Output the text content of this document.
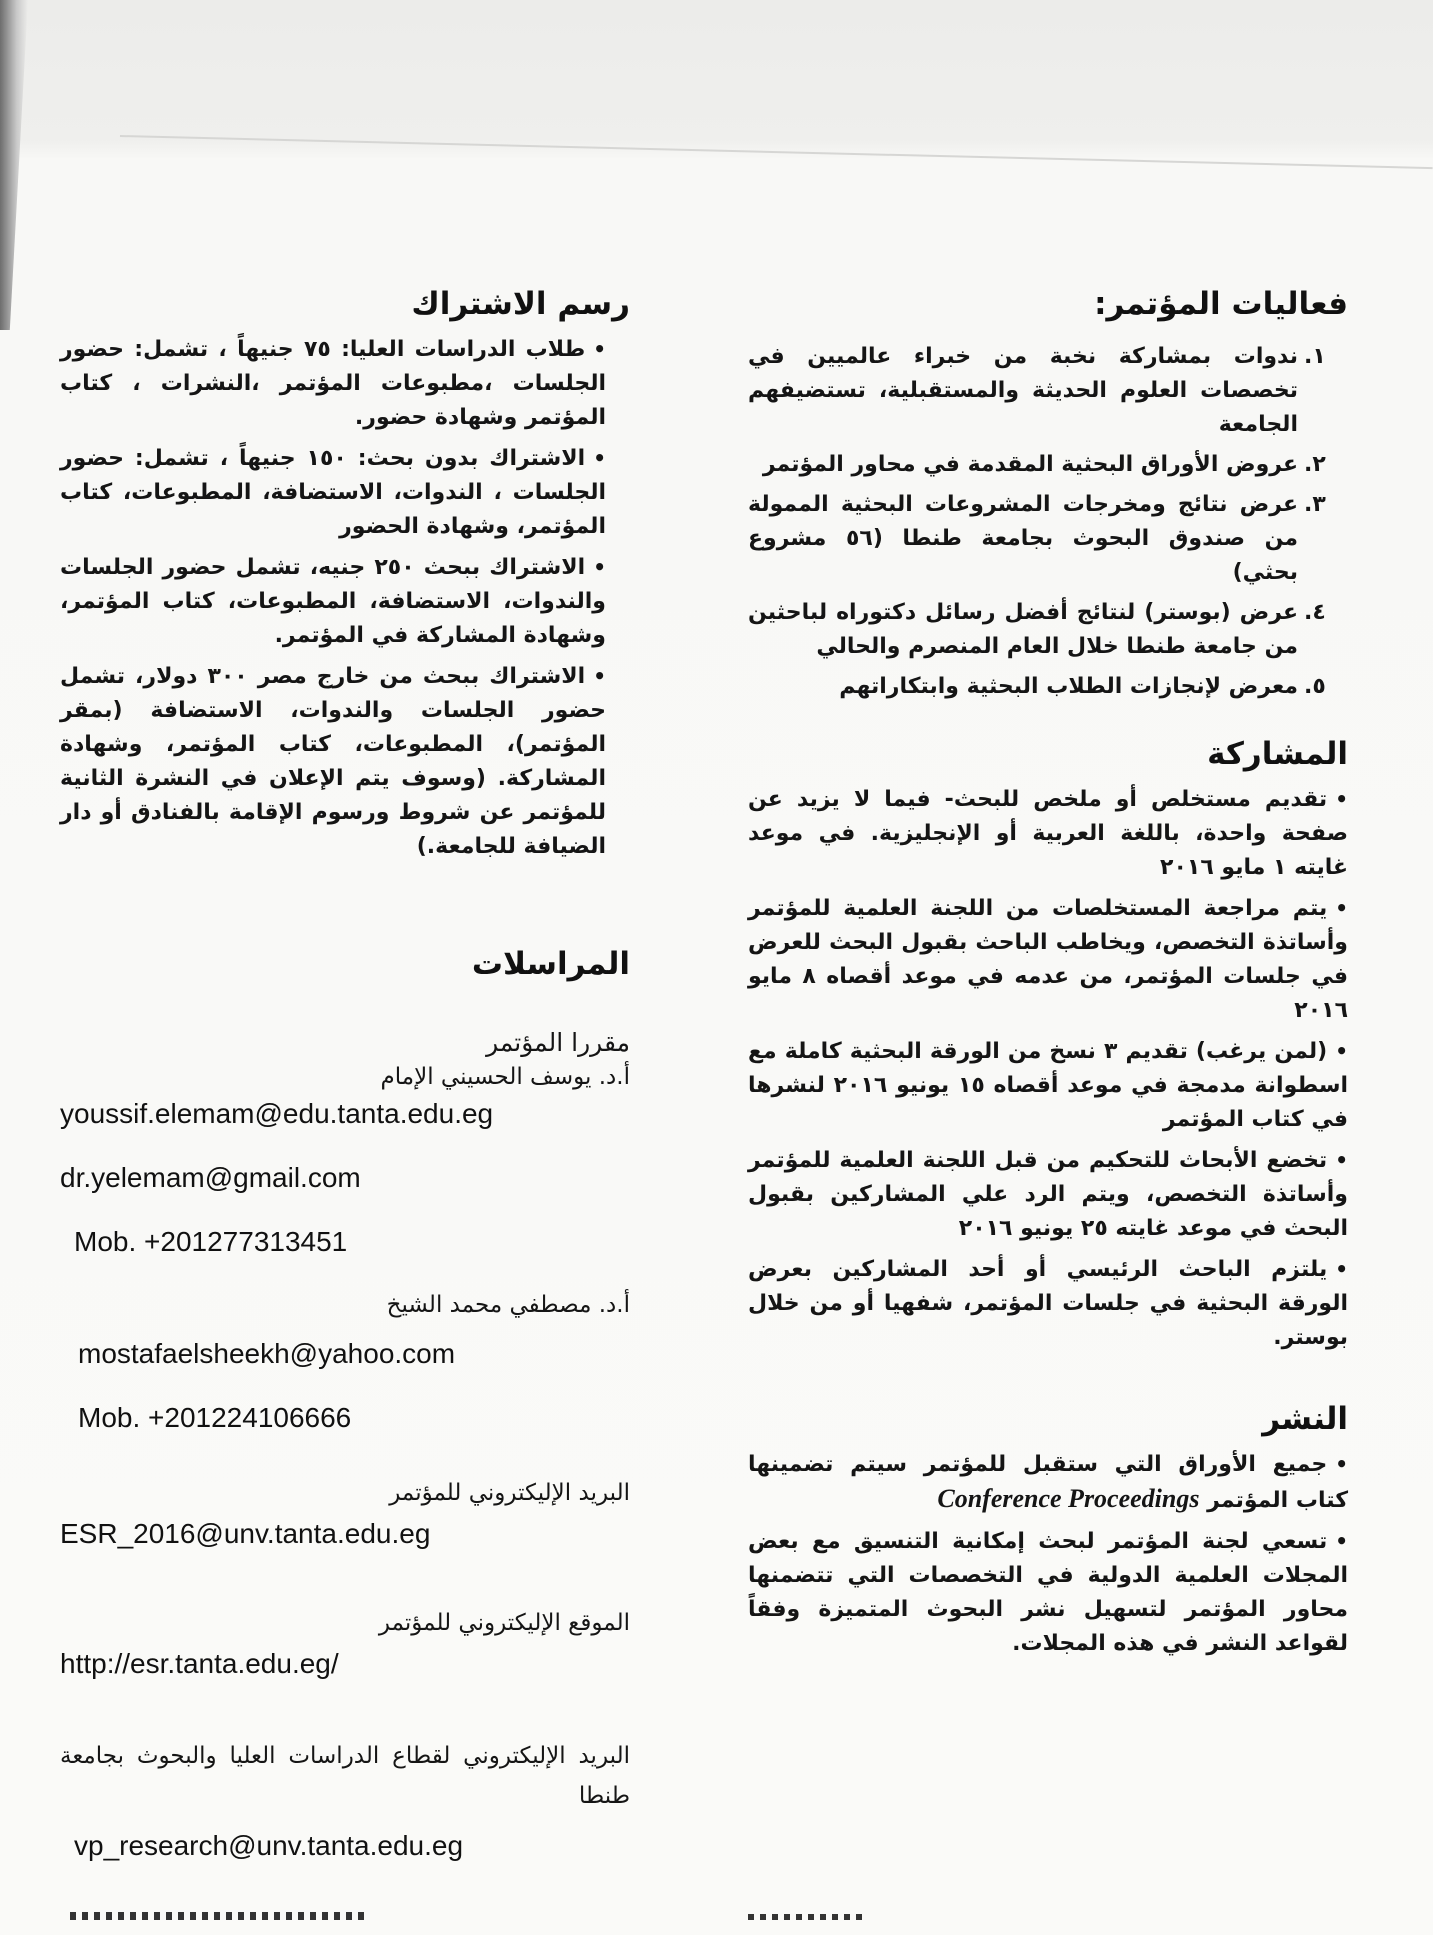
فعاليات المؤتمر:
١.
ندوات بمشاركة نخبة من خبراء عالميين في تخصصات العلوم الحديثة والمستقبلية، تستضيفهم الجامعة
٢.
عروض الأوراق البحثية المقدمة في محاور المؤتمر
٣.
عرض نتائج ومخرجات المشروعات البحثية الممولة من صندوق البحوث بجامعة طنطا (٥٦ مشروع بحثي)
٤.
عرض (بوستر) لنتائج أفضل رسائل دكتوراه لباحثين من جامعة طنطا خلال العام المنصرم والحالي
٥.
معرض لإنجازات الطلاب البحثية وابتكاراتهم
المشاركة
• تقديم مستخلص أو ملخص للبحث- فيما لا يزيد عن صفحة واحدة، باللغة العربية أو الإنجليزية. في موعد غايته ١ مايو ٢٠١٦
• يتم مراجعة المستخلصات من اللجنة العلمية للمؤتمر وأساتذة التخصص، ويخاطب الباحث بقبول البحث للعرض في جلسات المؤتمر، من عدمه في موعد أقصاه ٨ مايو ٢٠١٦
• (لمن يرغب) تقديم ٣ نسخ من الورقة البحثية كاملة مع اسطوانة مدمجة في موعد أقصاه ١٥ يونيو ٢٠١٦ لنشرها في كتاب المؤتمر
• تخضع الأبحاث للتحكيم من قبل اللجنة العلمية للمؤتمر وأساتذة التخصص، ويتم الرد علي المشاركين بقبول البحث في موعد غايته ٢٥ يونيو ٢٠١٦
• يلتزم الباحث الرئيسي أو أحد المشاركين بعرض الورقة البحثية في جلسات المؤتمر، شفهيا أو من خلال بوستر.
النشر
• جميع الأوراق التي ستقبل للمؤتمر سيتم تضمينها كتاب المؤتمر Conference Proceedings
• تسعي لجنة المؤتمر لبحث إمكانية التنسيق مع بعض المجلات العلمية الدولية في التخصصات التي تتضمنها محاور المؤتمر لتسهيل نشر البحوث المتميزة وفقاً لقواعد النشر في هذه المجلات.
رسم الاشتراك
• طلاب الدراسات العليا: ٧٥ جنيهاً ، تشمل: حضور الجلسات ،مطبوعات المؤتمر ،النشرات ، كتاب المؤتمر وشهادة حضور.
• الاشتراك بدون بحث: ١٥٠ جنيهاً ، تشمل: حضور الجلسات ، الندوات، الاستضافة، المطبوعات، كتاب المؤتمر، وشهادة الحضور
• الاشتراك ببحث ٢٥٠ جنيه، تشمل حضور الجلسات والندوات، الاستضافة، المطبوعات، كتاب المؤتمر، وشهادة المشاركة في المؤتمر.
• الاشتراك ببحث من خارج مصر ٣٠٠ دولار، تشمل حضور الجلسات والندوات، الاستضافة (بمقر المؤتمر)، المطبوعات، كتاب المؤتمر، وشهادة المشاركة. (وسوف يتم الإعلان في النشرة الثانية للمؤتمر عن شروط ورسوم الإقامة بالفنادق أو دار الضيافة للجامعة.)
المراسلات

مقررا المؤتمر

أ.د. يوسف الحسيني الإمام

youssif.elemam@edu.tanta.edu.eg

dr.yelemam@gmail.com

Mob. +201277313451

أ.د. مصطفي محمد الشيخ

mostafaelsheekh@yahoo.com

Mob. +201224106666

البريد الإليكتروني للمؤتمر

ESR_2016@unv.tanta.edu.eg

الموقع الإليكتروني للمؤتمر

http://esr.tanta.edu.eg/

البريد الإليكتروني لقطاع الدراسات العليا والبحوث بجامعة طنطا

vp_research@unv.tanta.edu.eg
